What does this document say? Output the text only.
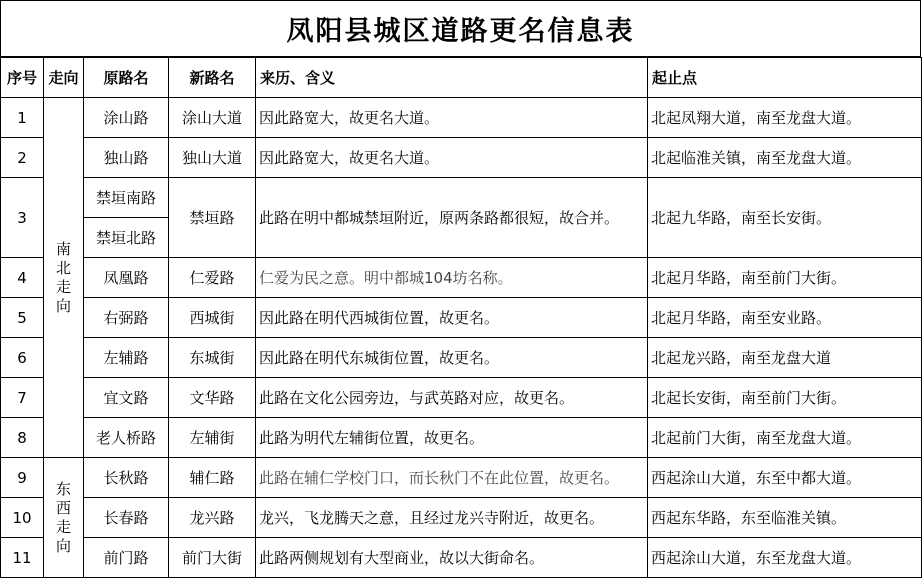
凤阳县城区道路更名信息表
序号	走向	原路名	新路名	来历、含义	起止点
1	南北走向	涂山路	涂山大道	因此路宽大，故更名大道。	北起凤翔大道，南至龙盘大道。
2		独山路	独山大道	因此路宽大，故更名大道。	北起临淮关镇，南至龙盘大道。
3		禁垣南路	禁垣路	此路在明中都城禁垣附近，原两条路都很短，故合并。	北起九华路，南至长安街。
		禁垣北路			
4		凤凰路	仁爱路	仁爱为民之意。明中都城104坊名称。	北起月华路，南至前门大街。
5		右弼路	西城街	因此路在明代西城街位置，故更名。	北起月华路，南至安业路。
6		左辅路	东城街	因此路在明代东城街位置，故更名。	北起龙兴路，南至龙盘大道
7		宜文路	文华路	此路在文化公园旁边，与武英路对应，故更名。	北起长安街，南至前门大街。
8		老人桥路	左辅街	此路为明代左辅街位置，故更名。	北起前门大街，南至龙盘大道。
9	东西走向	长秋路	辅仁路	此路在辅仁学校门口，而长秋门不在此位置，故更名。	西起涂山大道，东至中都大道。
10		长春路	龙兴路	龙兴，飞龙腾天之意，且经过龙兴寺附近，故更名。	西起东华路，东至临淮关镇。
11		前门路	前门大街	此路两侧规划有大型商业，故以大街命名。	西起涂山大道，东至龙盘大道。
